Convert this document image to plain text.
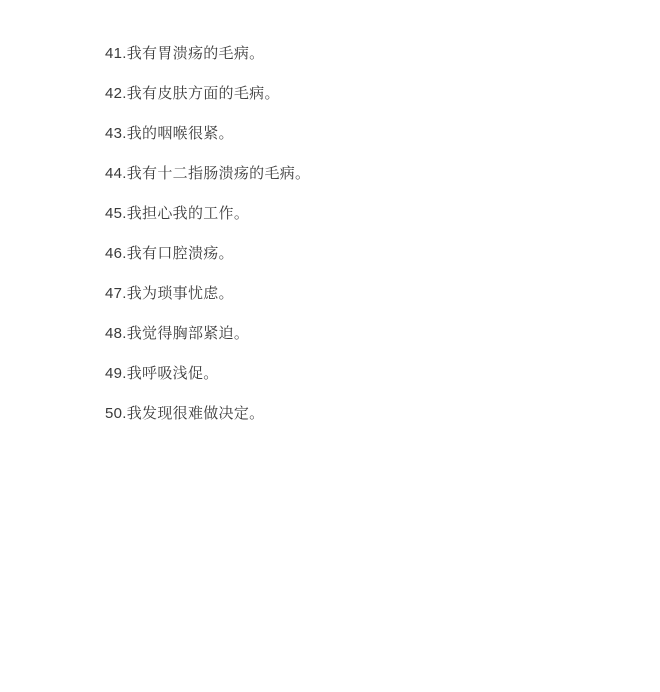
41.我有胃溃疡的毛病。

42.我有皮肤方面的毛病。

43.我的咽喉很紧。

44.我有十二指肠溃疡的毛病。

45.我担心我的工作。

46.我有口腔溃疡。

47.我为琐事忧虑。

48.我觉得胸部紧迫。

49.我呼吸浅促。

50.我发现很难做决定。
